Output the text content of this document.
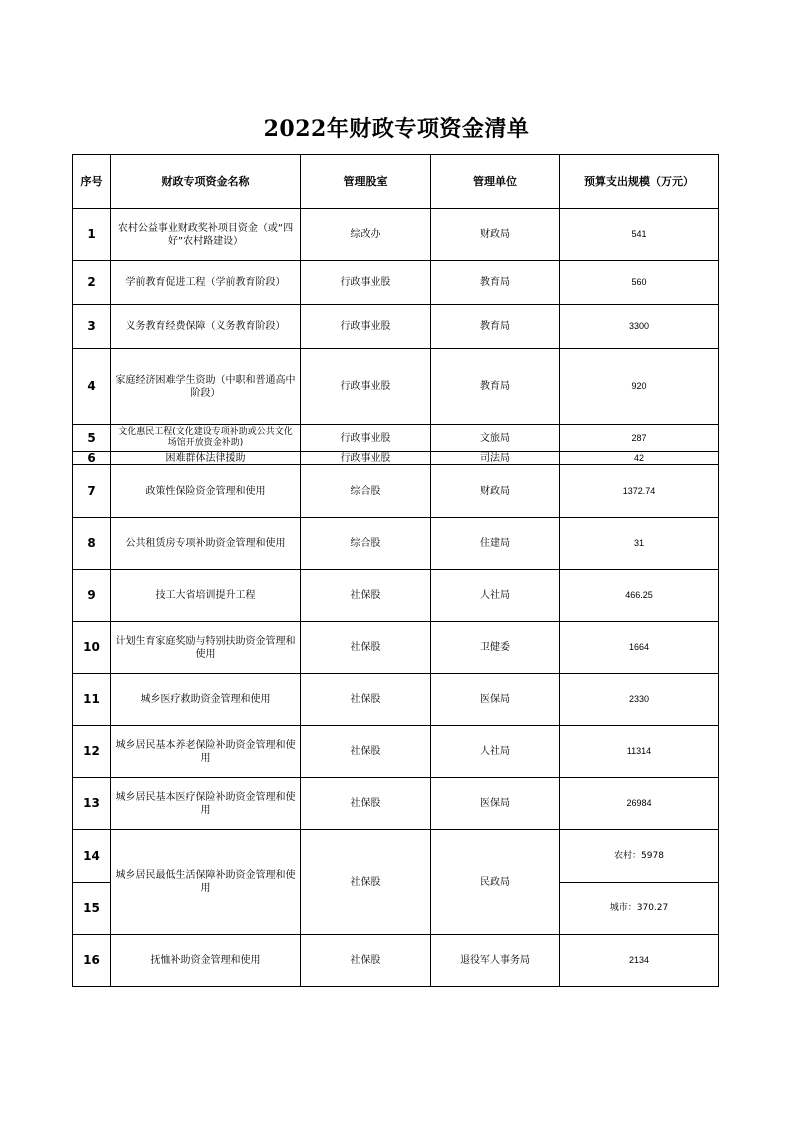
2022年财政专项资金清单
序号	财政专项资金名称	管理股室	管理单位	预算支出规模（万元）
1	农村公益事业财政奖补项目资金（或“四好”农村路建设）	综改办	财政局	541
2	学前教育促进工程（学前教育阶段）	行政事业股	教育局	560
3	义务教育经费保障（义务教育阶段）	行政事业股	教育局	3300
4	家庭经济困难学生资助（中职和普通高中阶段）	行政事业股	教育局	920
5	文化惠民工程(文化建设专项补助或公共文化场馆开放资金补助)	行政事业股	文旅局	287
6	困难群体法律援助	行政事业股	司法局	42
7	政策性保险资金管理和使用	综合股	财政局	1372.74
8	公共租赁房专项补助资金管理和使用	综合股	住建局	31
9	技工大省培训提升工程	社保股	人社局	466.25
10	计划生育家庭奖励与特别扶助资金管理和使用	社保股	卫健委	1664
11	城乡医疗救助资金管理和使用	社保股	医保局	2330
12	城乡居民基本养老保险补助资金管理和使用	社保股	人社局	11314
13	城乡居民基本医疗保险补助资金管理和使用	社保股	医保局	26984
14	城乡居民最低生活保障补助资金管理和使用	社保股	民政局	农村：5978
15				城市：370.27
16	抚恤补助资金管理和使用	社保股	退役军人事务局	2134
